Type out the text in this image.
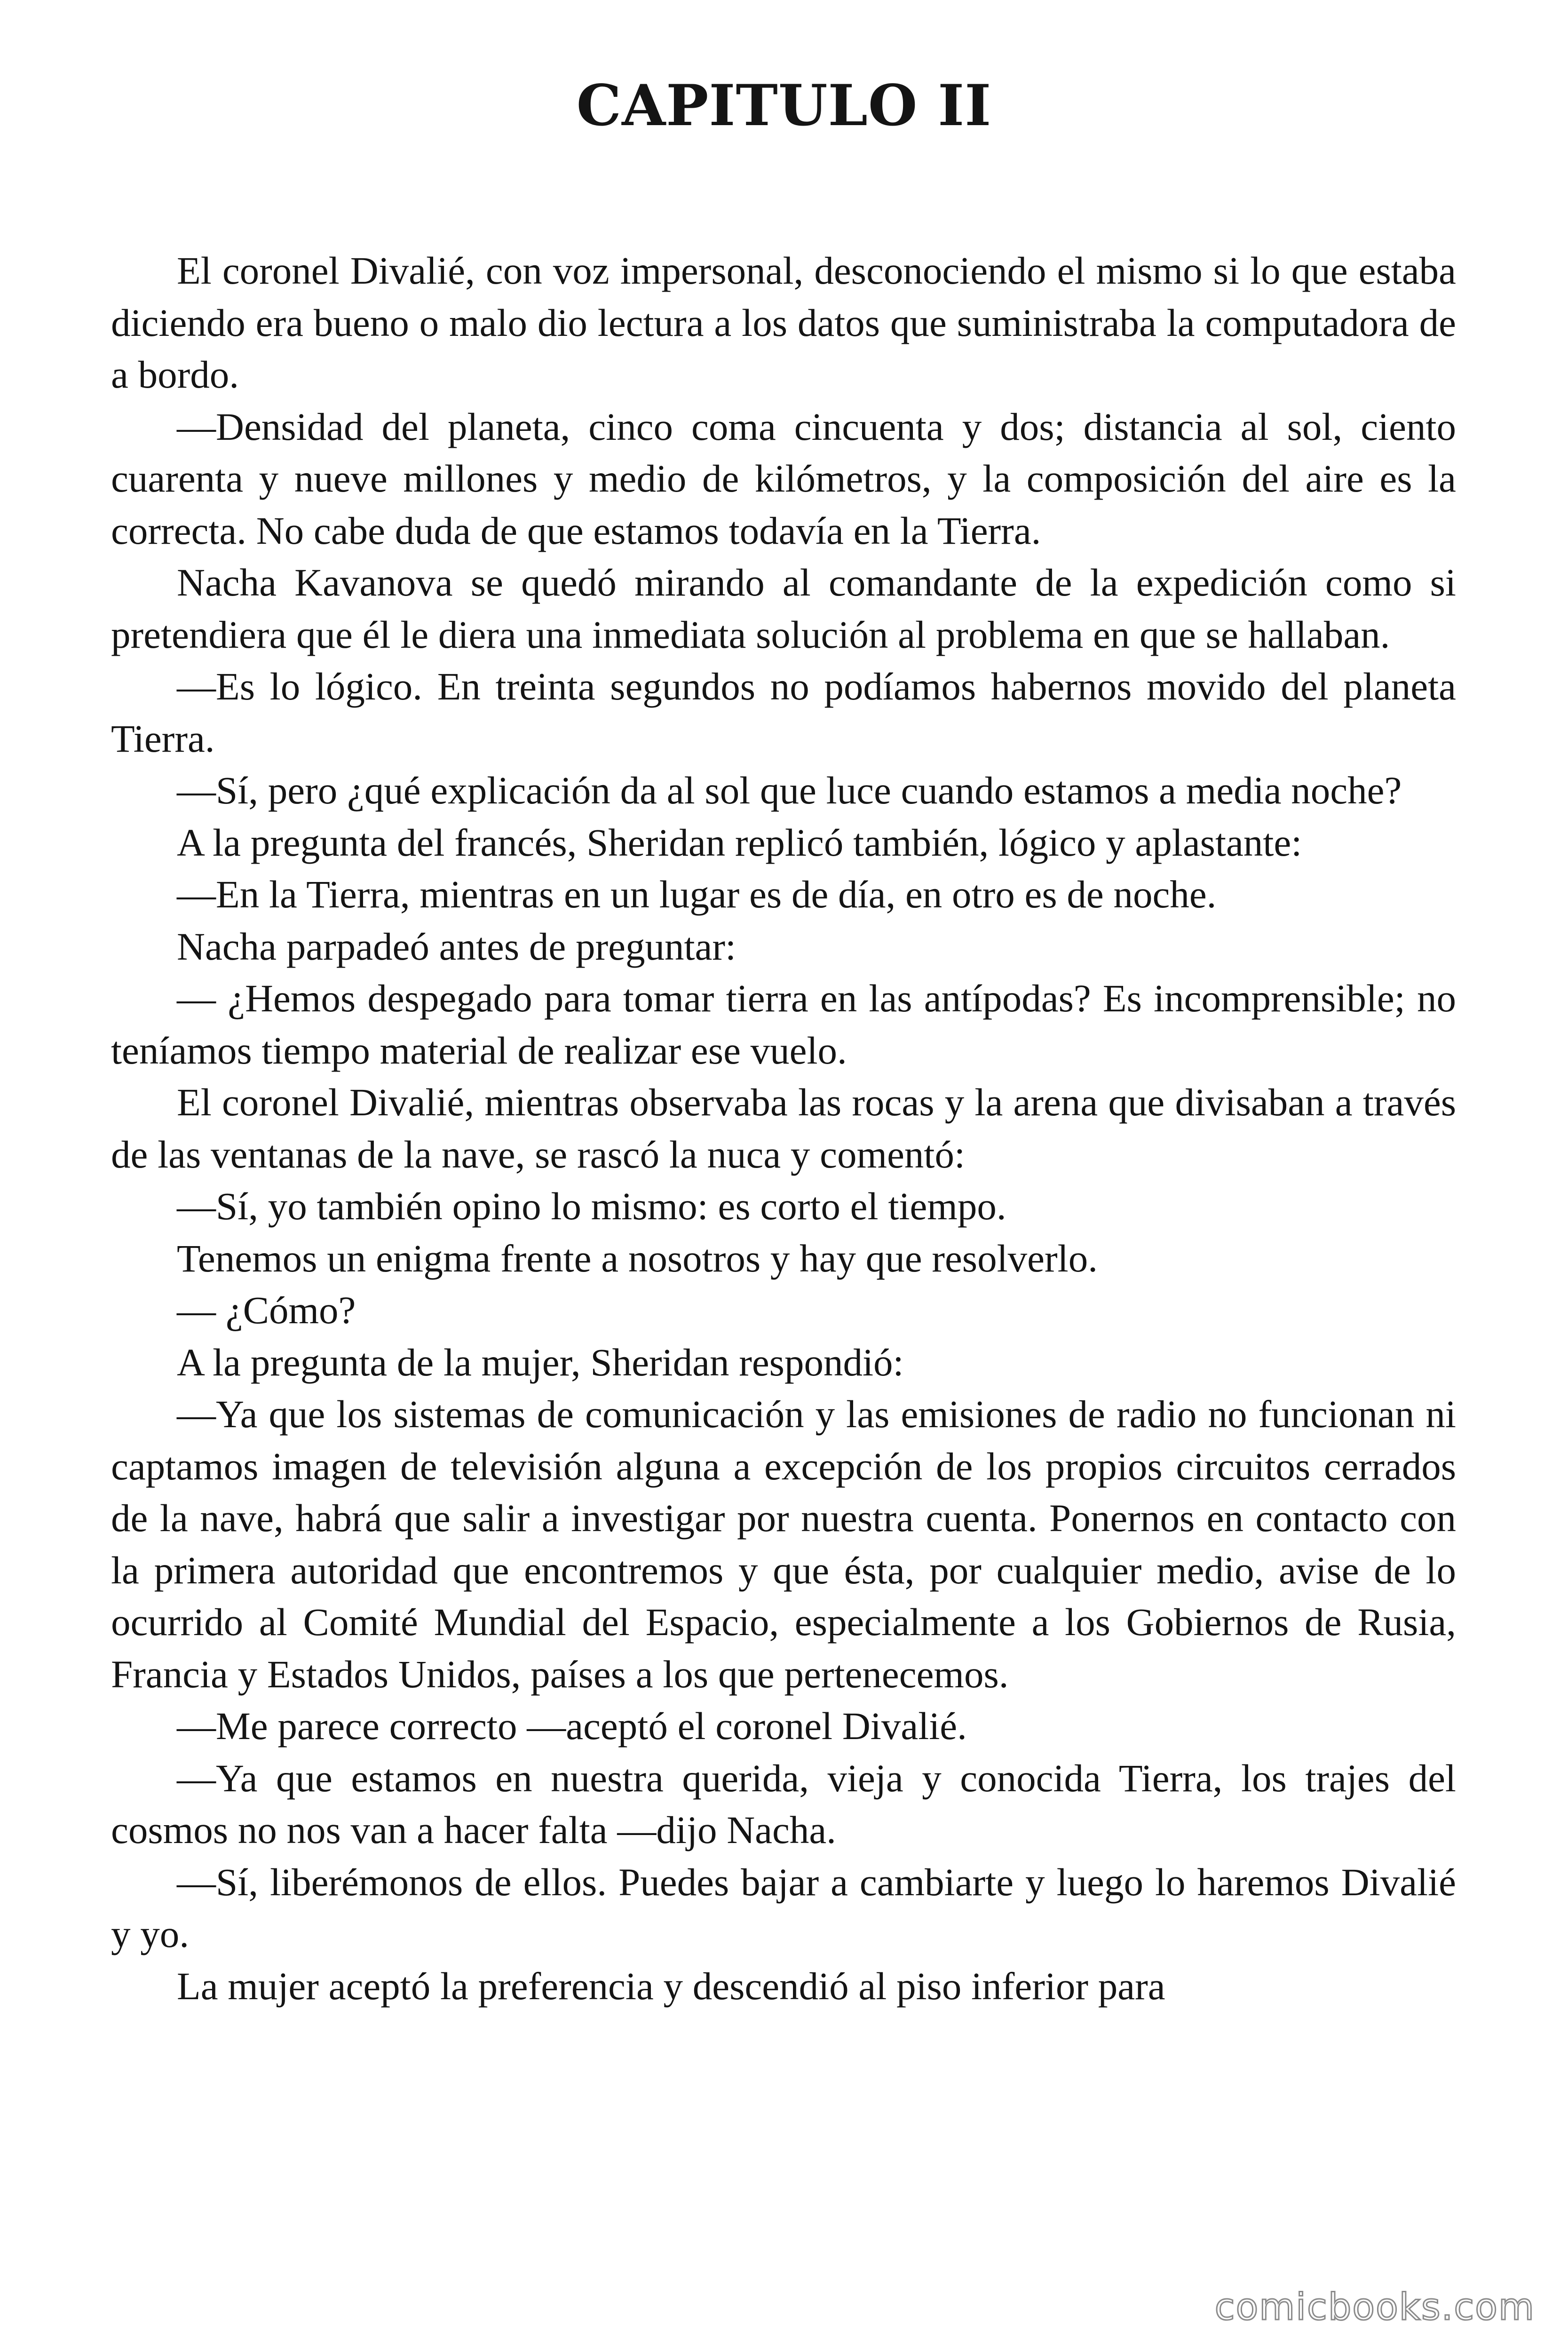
CAPITULO II

El coronel Divalié, con voz impersonal, desconociendo el mismo si lo que estaba diciendo era bueno o malo dio lectura a los datos que suministraba la computadora de a bordo.

—Densidad del planeta, cinco coma cincuenta y dos; distancia al sol, ciento cuarenta y nueve millones y medio de kilómetros, y la composición del aire es la correcta. No cabe duda de que estamos todavía en la Tierra.

Nacha Kavanova se quedó mirando al comandante de la expedición como si pretendiera que él le diera una inmediata solución al problema en que se hallaban.

—Es lo lógico. En treinta segundos no podíamos habernos movido del planeta Tierra.

—Sí, pero ¿qué explicación da al sol que luce cuando estamos a media noche?

A la pregunta del francés, Sheridan replicó también, lógico y aplastante:

—En la Tierra, mientras en un lugar es de día, en otro es de noche.

Nacha parpadeó antes de preguntar:

— ¿Hemos despegado para tomar tierra en las antípodas? Es incomprensible; no teníamos tiempo material de realizar ese vuelo.

El coronel Divalié, mientras observaba las rocas y la arena que divisaban a través de las ventanas de la nave, se rascó la nuca y comentó:

—Sí, yo también opino lo mismo: es corto el tiempo.

Tenemos un enigma frente a nosotros y hay que resolverlo.

— ¿Cómo?

A la pregunta de la mujer, Sheridan respondió:

—Ya que los sistemas de comunicación y las emisiones de radio no funcionan ni captamos imagen de televisión alguna a excepción de los propios circuitos cerrados de la nave, habrá que salir a investigar por nuestra cuenta. Ponernos en contacto con la primera autoridad que encontremos y que ésta, por cualquier medio, avise de lo ocurrido al Comité Mundial del Espacio, especialmente a los Gobiernos de Rusia, Francia y Estados Unidos, países a los que pertenecemos.

—Me parece correcto —aceptó el coronel Divalié.

—Ya que estamos en nuestra querida, vieja y conocida Tierra, los trajes del cosmos no nos van a hacer falta —dijo Nacha.

—Sí, liberémonos de ellos. Puedes bajar a cambiarte y luego lo haremos Divalié y yo.

La mujer aceptó la preferencia y descendió al piso inferior para

comicbooks.com
